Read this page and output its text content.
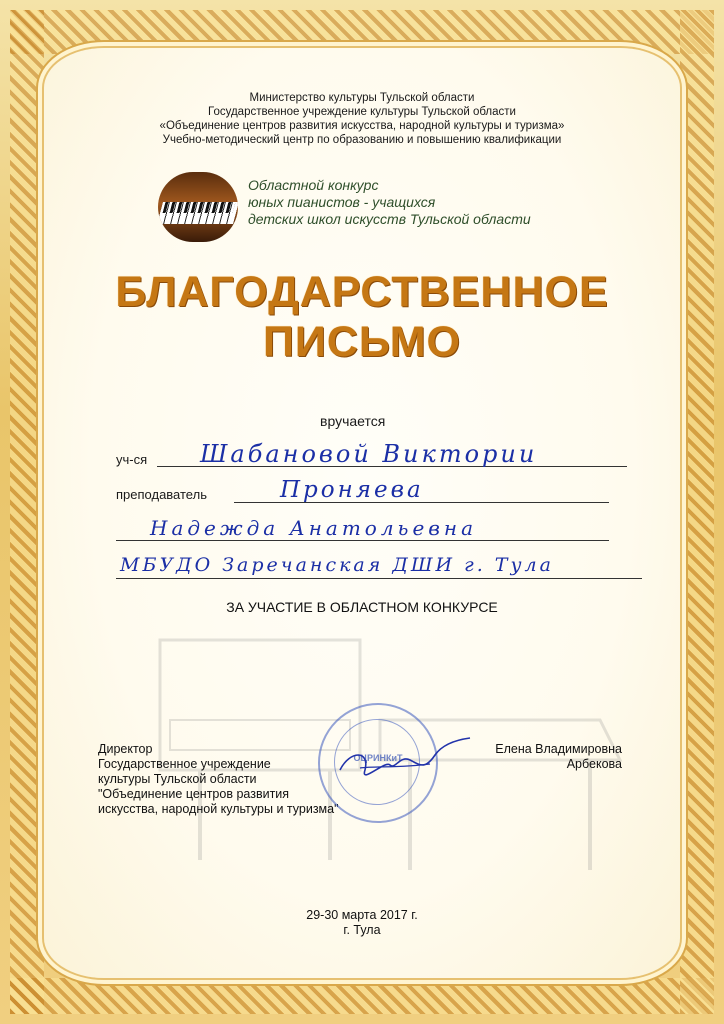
Министерство культуры Тульской области
Государственное учреждение культуры Тульской области
«Объединение центров развития искусства, народной культуры и туризма»
Учебно-методический центр по образованию и повышению квалификации
Областной конкурс
юных пианистов - учащихся
детских школ искусств Тульской области
БЛАГОДАРСТВЕННОЕ
ПИСЬМО
вручается
уч-ся Шабановой Виктории
преподаватель	Проняева
Надежда Анатольевна
МБУДО Заречанская ДШИ г. Тула
ЗА УЧАСТИЕ В ОБЛАСТНОМ КОНКУРСЕ
Директор
Государственное учреждение
культуры Тульской области
"Объединение центров развития
искусства, народной культуры и туризма"
Елена Владимировна
Арбекова
ОЦРИНКиТ
29-30 марта 2017 г.
г. Тула
